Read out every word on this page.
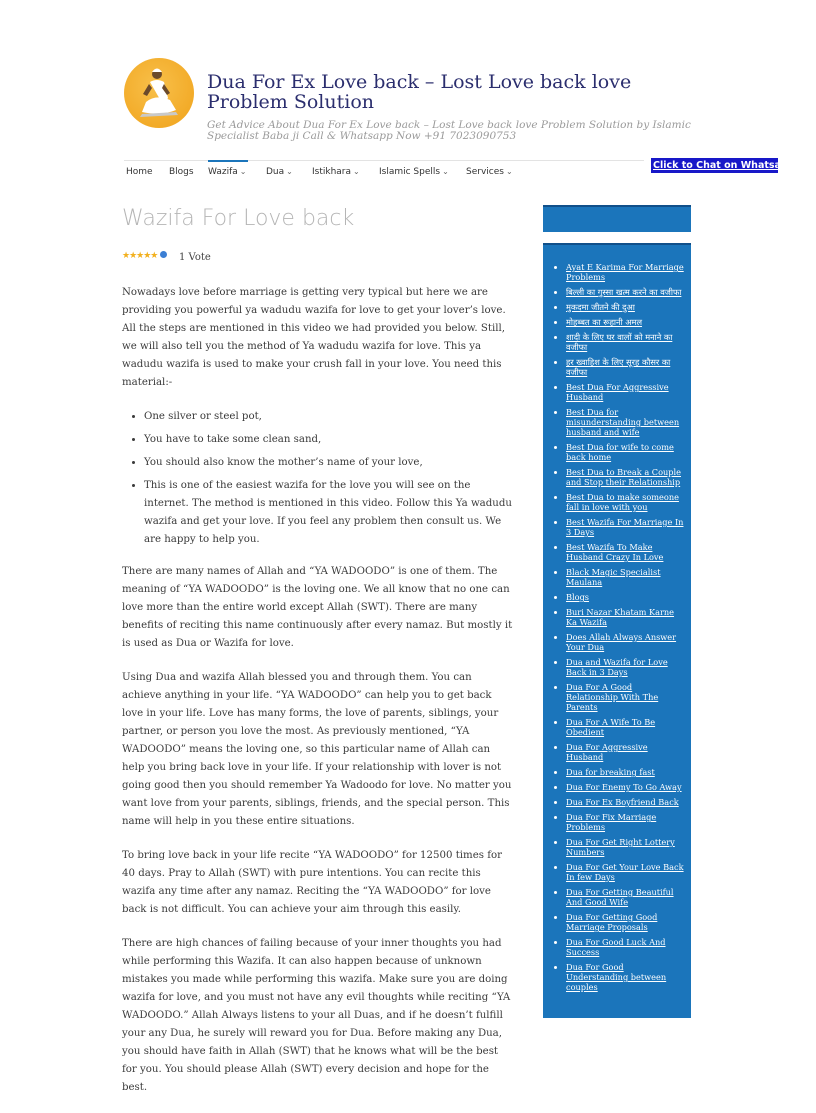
Dua For Ex Love back – Lost Love back love Problem Solution
Get Advice About Dua For Ex Love back – Lost Love back love Problem Solution by Islamic Specialist Baba ji Call & Whatsapp Now +91 7023090753
Home Blogs Wazifa ⌄ Dua ⌄ Istikhara ⌄ Islamic Spells ⌄ Services ⌄
Click to Chat on Whatsapp
Wazifa For Love back
★★★★★ 1 Vote

Nowadays love before marriage is getting very typical but here we are providing you powerful ya wadudu wazifa for love to get your lover’s love. All the steps are mentioned in this video we had provided you below. Still, we will also tell you the method of Ya wadudu wazifa for love. This ya wadudu wazifa is used to make your crush fall in your love. You need this material:-

• One silver or steel pot,
• You have to take some clean sand,
• You should also know the mother’s name of your love,
• This is one of the easiest wazifa for the love you will see on the internet. The method is mentioned in this video. Follow this Ya wadudu wazifa and get your love. If you feel any problem then consult us. We are happy to help you.

There are many names of Allah and “YA WADOODO” is one of them. The meaning of “YA WADOODO” is the loving one. We all know that no one can love more than the entire world except Allah (SWT). There are many benefits of reciting this name continuously after every namaz. But mostly it is used as Dua or Wazifa for love.

Using Dua and wazifa Allah blessed you and through them. You can achieve anything in your life. “YA WADOODO” can help you to get back love in your life. Love has many forms, the love of parents, siblings, your partner, or person you love the most. As previously mentioned, “YA WADOODO” means the loving one, so this particular name of Allah can help you bring back love in your life. If your relationship with lover is not going good then you should remember Ya Wadoodo for love. No matter you want love from your parents, siblings, friends, and the special person. This name will help in you these entire situations.

To bring love back in your life recite “YA WADOODO” for 12500 times for 40 days. Pray to Allah (SWT) with pure intentions. You can recite this wazifa any time after any namaz. Reciting the “YA WADOODO” for love back is not difficult. You can achieve your aim through this easily.

There are high chances of failing because of your inner thoughts you had while performing this Wazifa. It can also happen because of unknown mistakes you made while performing this wazifa. Make sure you are doing wazifa for love, and you must not have any evil thoughts while reciting “YA WADOODO.” Allah Always listens to your all Duas, and if he doesn’t fulfill your any Dua, he surely will reward you for Dua. Before making any Dua, you should have faith in Allah (SWT) that he knows what will be the best for you. You should please Allah (SWT) every decision and hope for the best.

• Ayat E Karima For Marriage Problems
• बिल्ली का गुस्सा खत्म करने का वजीफा
• मुकदमा जीतने की दुआ
• मोहब्बत का रूहानी अमल
• शादी के लिए घर वालों को मनाने का वजीफा
• हर ख्वाहिश के लिए सूरह कौसर का वजीफा
• Best Dua For Aggressive Husband
• Best Dua for misunderstanding between husband and wife
• Best Dua for wife to come back home
• Best Dua to Break a Couple and Stop their Relationship
• Best Dua to make someone fall in love with you
• Best Wazifa For Marriage In 3 Days
• Best Wazifa To Make Husband Crazy In Love
• Black Magic Specialist Maulana
• Blogs
• Buri Nazar Khatam Karne Ka Wazifa
• Does Allah Always Answer Your Dua
• Dua and Wazifa for Love Back in 3 Days
• Dua For A Good Relationship With The Parents
• Dua For A Wife To Be Obedient
• Dua For Aggressive Husband
• Dua for breaking fast
• Dua For Enemy To Go Away
• Dua For Ex Boyfriend Back
• Dua For Fix Marriage Problems
• Dua For Get Right Lottery Numbers
• Dua For Get Your Love Back In few Days
• Dua For Getting Beautiful And Good Wife
• Dua For Getting Good Marriage Proposals
• Dua For Good Luck And Success
• Dua For Good Understanding between couples
